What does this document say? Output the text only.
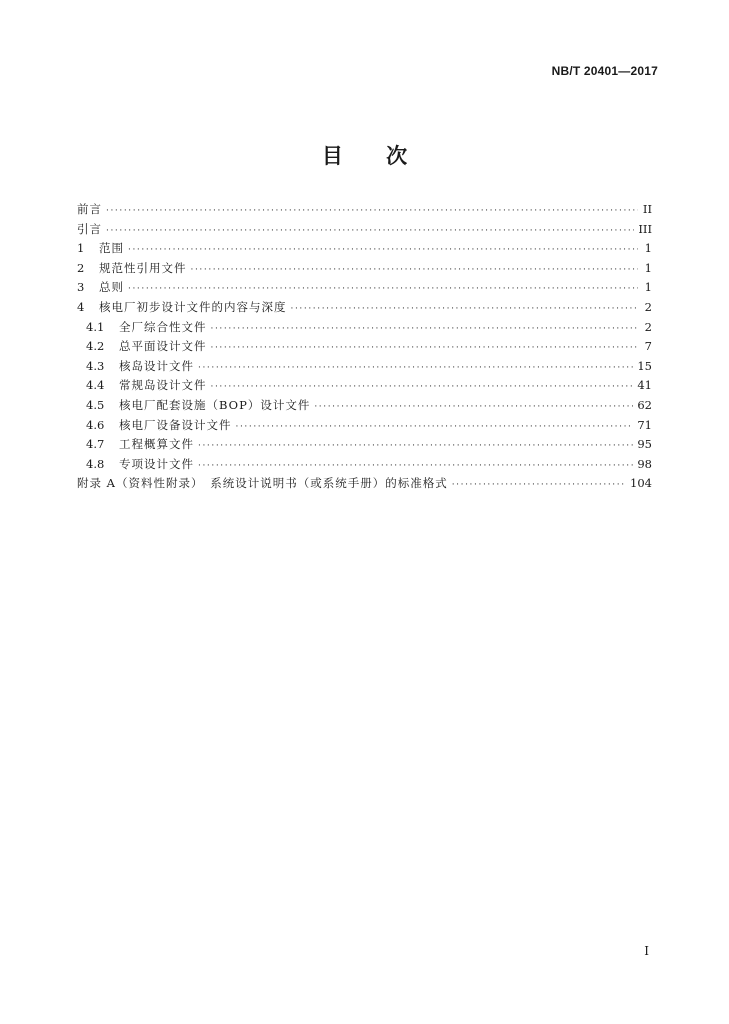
NB/T 20401—2017
目 次
前言 ·····	II
引言 ·····	III
1	范围 ·····	1
2	规范性引用文件 ·····	1
3	总则 ·····	1
4	核电厂初步设计文件的内容与深度 ·····	2
4.1	全厂综合性文件 ·····	2
4.2	总平面设计文件 ·····	7
4.3	核岛设计文件 ·····	15
4.4	常规岛设计文件 ·····	41
4.5	核电厂配套设施（BOP）设计文件 ·····	62
4.6	核电厂设备设计文件 ·····	71
4.7	工程概算文件 ·····	95
4.8	专项设计文件 ·····	98
附录 A（资料性附录）　系统设计说明书（或系统手册）的标准格式 ·····	104
I
